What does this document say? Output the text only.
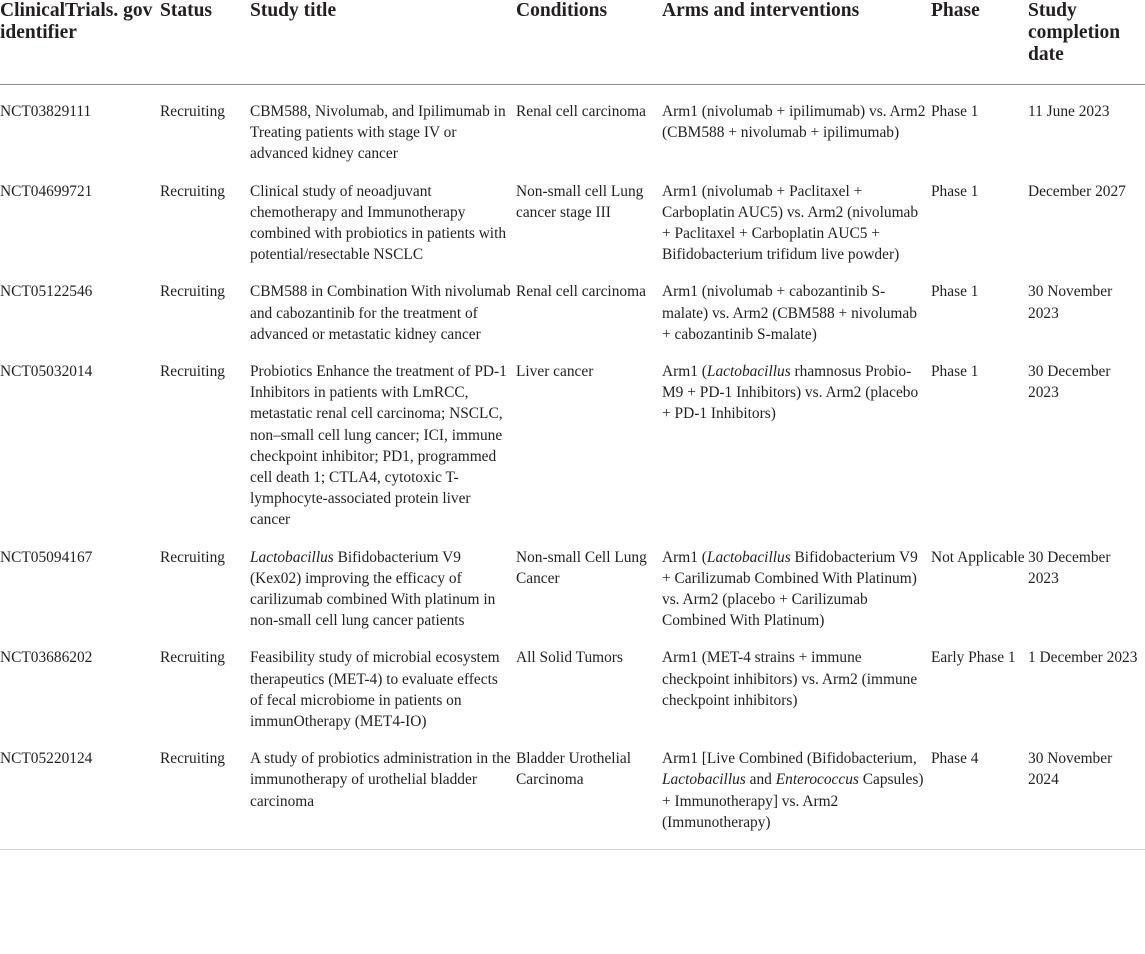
ClinicalTrials. gov identifier	Status	Study title	Conditions	Arms and interventions	Phase	Study completion date
NCT03829111	Recruiting	CBM588, Nivolumab, and Ipilimumab in Treating patients with stage IV or advanced kidney cancer	Renal cell carcinoma	Arm1 (nivolumab + ipilimumab) vs. Arm2 (CBM588 + nivolumab + ipilimumab)	Phase 1	11 June 2023
NCT04699721	Recruiting	Clinical study of neoadjuvant chemotherapy and Immunotherapy combined with probiotics in patients with potential/resectable NSCLC	Non-small cell Lung cancer stage III	Arm1 (nivolumab + Paclitaxel + Carboplatin AUC5) vs. Arm2 (nivolumab + Paclitaxel + Carboplatin AUC5 + Bifidobacterium trifidum live powder)	Phase 1	December 2027
NCT05122546	Recruiting	CBM588 in Combination With nivolumab and cabozantinib for the treatment of advanced or metastatic kidney cancer	Renal cell carcinoma	Arm1 (nivolumab + cabozantinib S-malate) vs. Arm2 (CBM588 + nivolumab + cabozantinib S-malate)	Phase 1	30 November 2023
NCT05032014	Recruiting	Probiotics Enhance the treatment of PD-1 Inhibitors in patients with LmRCC, metastatic renal cell carcinoma; NSCLC, non–small cell lung cancer; ICI, immune checkpoint inhibitor; PD1, programmed cell death 1; CTLA4, cytotoxic T-lymphocyte-associated protein liver cancer	Liver cancer	Arm1 (Lactobacillus rhamnosus Probio-M9 + PD-1 Inhibitors) vs. Arm2 (placebo + PD-1 Inhibitors)	Phase 1	30 December 2023
NCT05094167	Recruiting	Lactobacillus Bifidobacterium V9 (Kex02) improving the efficacy of carilizumab combined With platinum in non-small cell lung cancer patients	Non-small Cell Lung Cancer	Arm1 (Lactobacillus Bifidobacterium V9 + Carilizumab Combined With Platinum) vs. Arm2 (placebo + Carilizumab Combined With Platinum)	Not Applicable	30 December 2023
NCT03686202	Recruiting	Feasibility study of microbial ecosystem therapeutics (MET-4) to evaluate effects of fecal microbiome in patients on immunOtherapy (MET4-IO)	All Solid Tumors	Arm1 (MET-4 strains + immune checkpoint inhibitors) vs. Arm2 (immune checkpoint inhibitors)	Early Phase 1	1 December 2023
NCT05220124	Recruiting	A study of probiotics administration in the immunotherapy of urothelial bladder carcinoma	Bladder Urothelial Carcinoma	Arm1 [Live Combined (Bifidobacterium, Lactobacillus and Enterococcus Capsules) + Immunotherapy] vs. Arm2 (Immunotherapy)	Phase 4	30 November 2024
